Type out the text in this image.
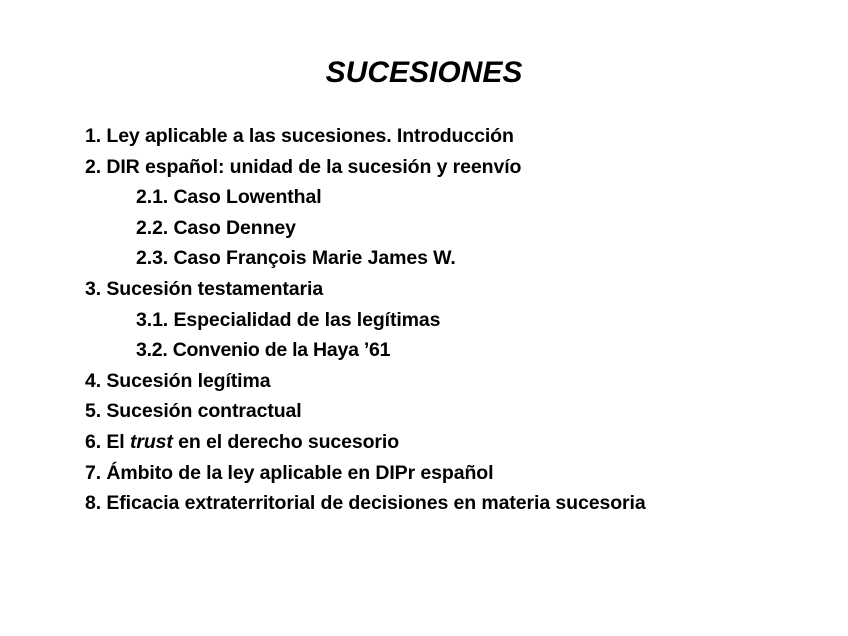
SUCESIONES
1. Ley aplicable a las sucesiones. Introducción
2. DIR español: unidad de la sucesión y reenvío
2.1. Caso Lowenthal
2.2. Caso Denney
2.3. Caso François Marie James W.
3. Sucesión testamentaria
3.1. Especialidad de las legítimas
3.2. Convenio de la Haya ’61
4. Sucesión legítima
5. Sucesión contractual
6. El trust en el derecho sucesorio
7. Ámbito de la ley aplicable en DIPr español
8. Eficacia extraterritorial de decisiones en materia sucesoria
